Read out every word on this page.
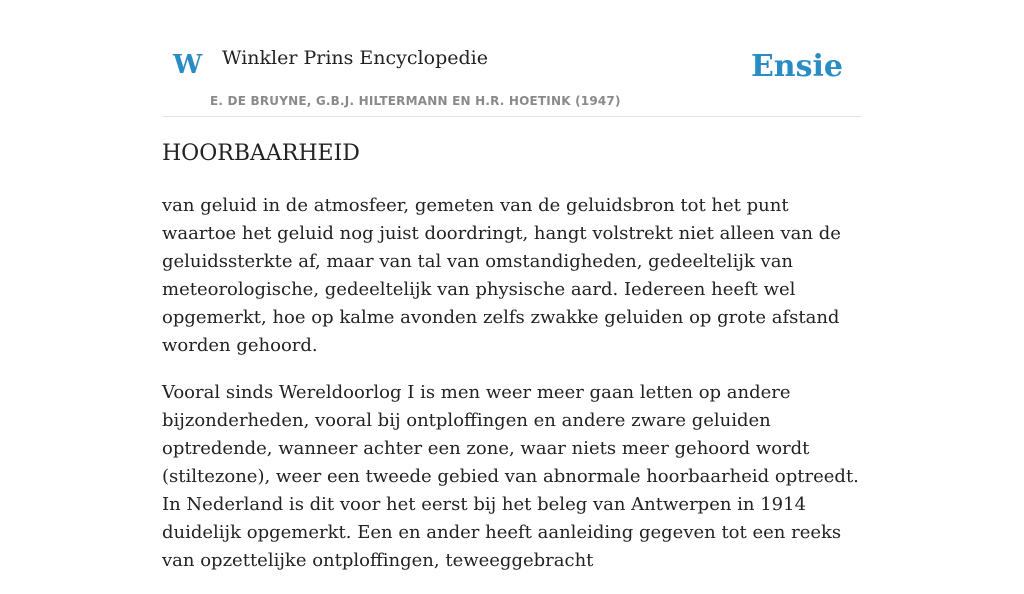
W Winkler Prins Encyclopedie
E. DE BRUYNE, G.B.J. HILTERMANN EN H.R. HOETINK (1947)
Ensie
HOORBAARHEID

van geluid in de atmosfeer, gemeten van de geluidsbron tot het punt waartoe het geluid nog juist doordringt, hangt volstrekt niet alleen van de geluidssterkte af, maar van tal van omstandigheden, gedeeltelijk van meteorologische, gedeeltelijk van physische aard. Iedereen heeft wel opgemerkt, hoe op kalme avonden zelfs zwakke geluiden op grote afstand worden gehoord.

Vooral sinds Wereldoorlog I is men weer meer gaan letten op andere bijzonderheden, vooral bij ontploffingen en andere zware geluiden optredende, wanneer achter een zone, waar niets meer gehoord wordt (stiltezone), weer een tweede gebied van abnormale hoorbaarheid optreedt. In Nederland is dit voor het eerst bij het beleg van Antwerpen in 1914 duidelijk opgemerkt. Een en ander heeft aanleiding gegeven tot een reeks van opzettelijke ontploffingen, teweeggebracht
